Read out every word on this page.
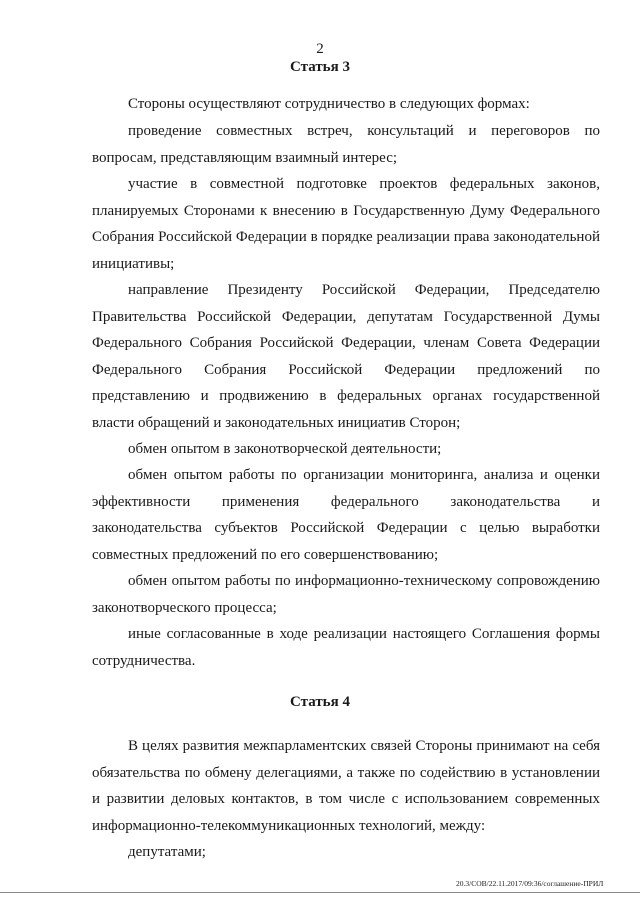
2
Статья 3

Стороны осуществляют сотрудничество в следующих формах:

проведение совместных встреч, консультаций и переговоров по вопросам, представляющим взаимный интерес;

участие в совместной подготовке проектов федеральных законов, планируемых Сторонами к внесению в Государственную Думу Федерального Собрания Российской Федерации в порядке реализации права законодательной инициативы;

направление Президенту Российской Федерации, Председателю Правительства Российской Федерации, депутатам Государственной Думы Федерального Собрания Российской Федерации, членам Совета Федерации Федерального Собрания Российской Федерации предложений по представлению и продвижению в федеральных органах государственной власти обращений и законодательных инициатив Сторон;

обмен опытом в законотворческой деятельности;

обмен опытом работы по организации мониторинга, анализа и оценки эффективности применения федерального законодательства и законодательства субъектов Российской Федерации с целью выработки совместных предложений по его совершенствованию;

обмен опытом работы по информационно-техническому сопровождению законотворческого процесса;

иные согласованные в ходе реализации настоящего Соглашения формы сотрудничества.

Статья 4

В целях развития межпарламентских связей Стороны принимают на себя обязательства по обмену делегациями, а также по содействию в установлении и развитии деловых контактов, в том числе с использованием современных информационно-телекоммуникационных технологий, между:

депутатами;

20.3/СОВ/22.11.2017/09:36/соглашение-ПРИЛ
